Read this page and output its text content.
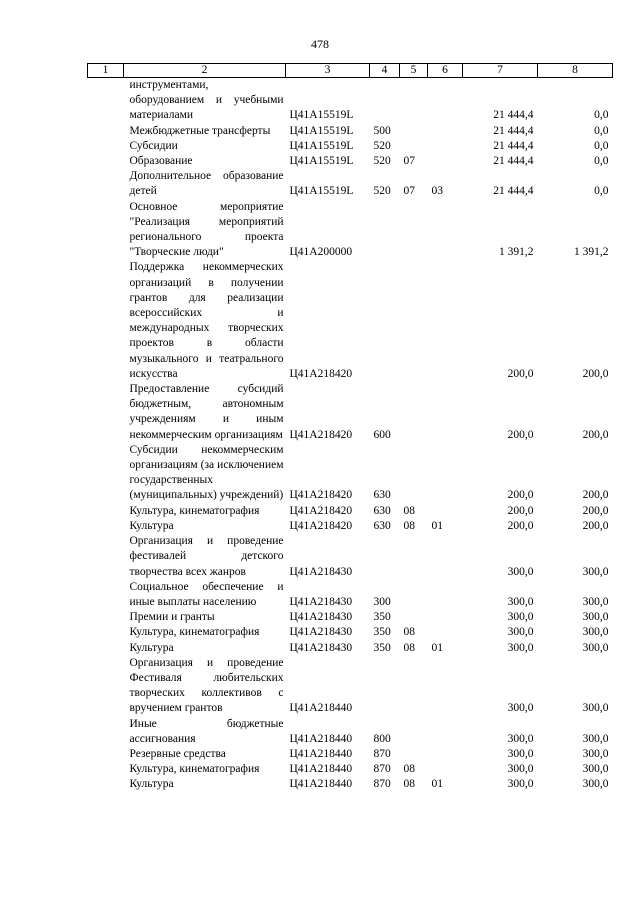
478
1	2	3	4	5	6	7	8
инструментами, оборудованием и учебными материалами		Ц41А15519L				21 444,4	0,0
Межбюджетные трансферты		Ц41А15519L	500			21 444,4	0,0
Субсидии		Ц41А15519L	520			21 444,4	0,0
Образование		Ц41А15519L	520	07		21 444,4	0,0
Дополнительное образование детей		Ц41А15519L	520	07	03	21 444,4	0,0
Основное мероприятие "Реализация мероприятий регионального проекта "Творческие люди"		Ц41А200000				1 391,2	1 391,2
Поддержка некоммерческих организаций в получении грантов для реализации всероссийских и международных творческих проектов в области музыкального и театрального искусства		Ц41А218420				200,0	200,0
Предоставление субсидий бюджетным, автономным учреждениям и иным некоммерческим организациям		Ц41А218420	600			200,0	200,0
Субсидии некоммерческим организациям (за исключением государственных (муниципальных) учреждений)		Ц41А218420	630			200,0	200,0
Культура, кинематография		Ц41А218420	630	08		200,0	200,0
Культура		Ц41А218420	630	08	01	200,0	200,0
Организация и проведение фестивалей детского творчества всех жанров		Ц41А218430				300,0	300,0
Социальное обеспечение и иные выплаты населению		Ц41А218430	300			300,0	300,0
Премии и гранты		Ц41А218430	350			300,0	300,0
Культура, кинематография		Ц41А218430	350	08		300,0	300,0
Культура		Ц41А218430	350	08	01	300,0	300,0
Организация и проведение Фестиваля любительских творческих коллективов с вручением грантов		Ц41А218440				300,0	300,0
Иные бюджетные ассигнования		Ц41А218440	800			300,0	300,0
Резервные средства		Ц41А218440	870			300,0	300,0
Культура, кинематография		Ц41А218440	870	08		300,0	300,0
Культура		Ц41А218440	870	08	01	300,0	300,0
